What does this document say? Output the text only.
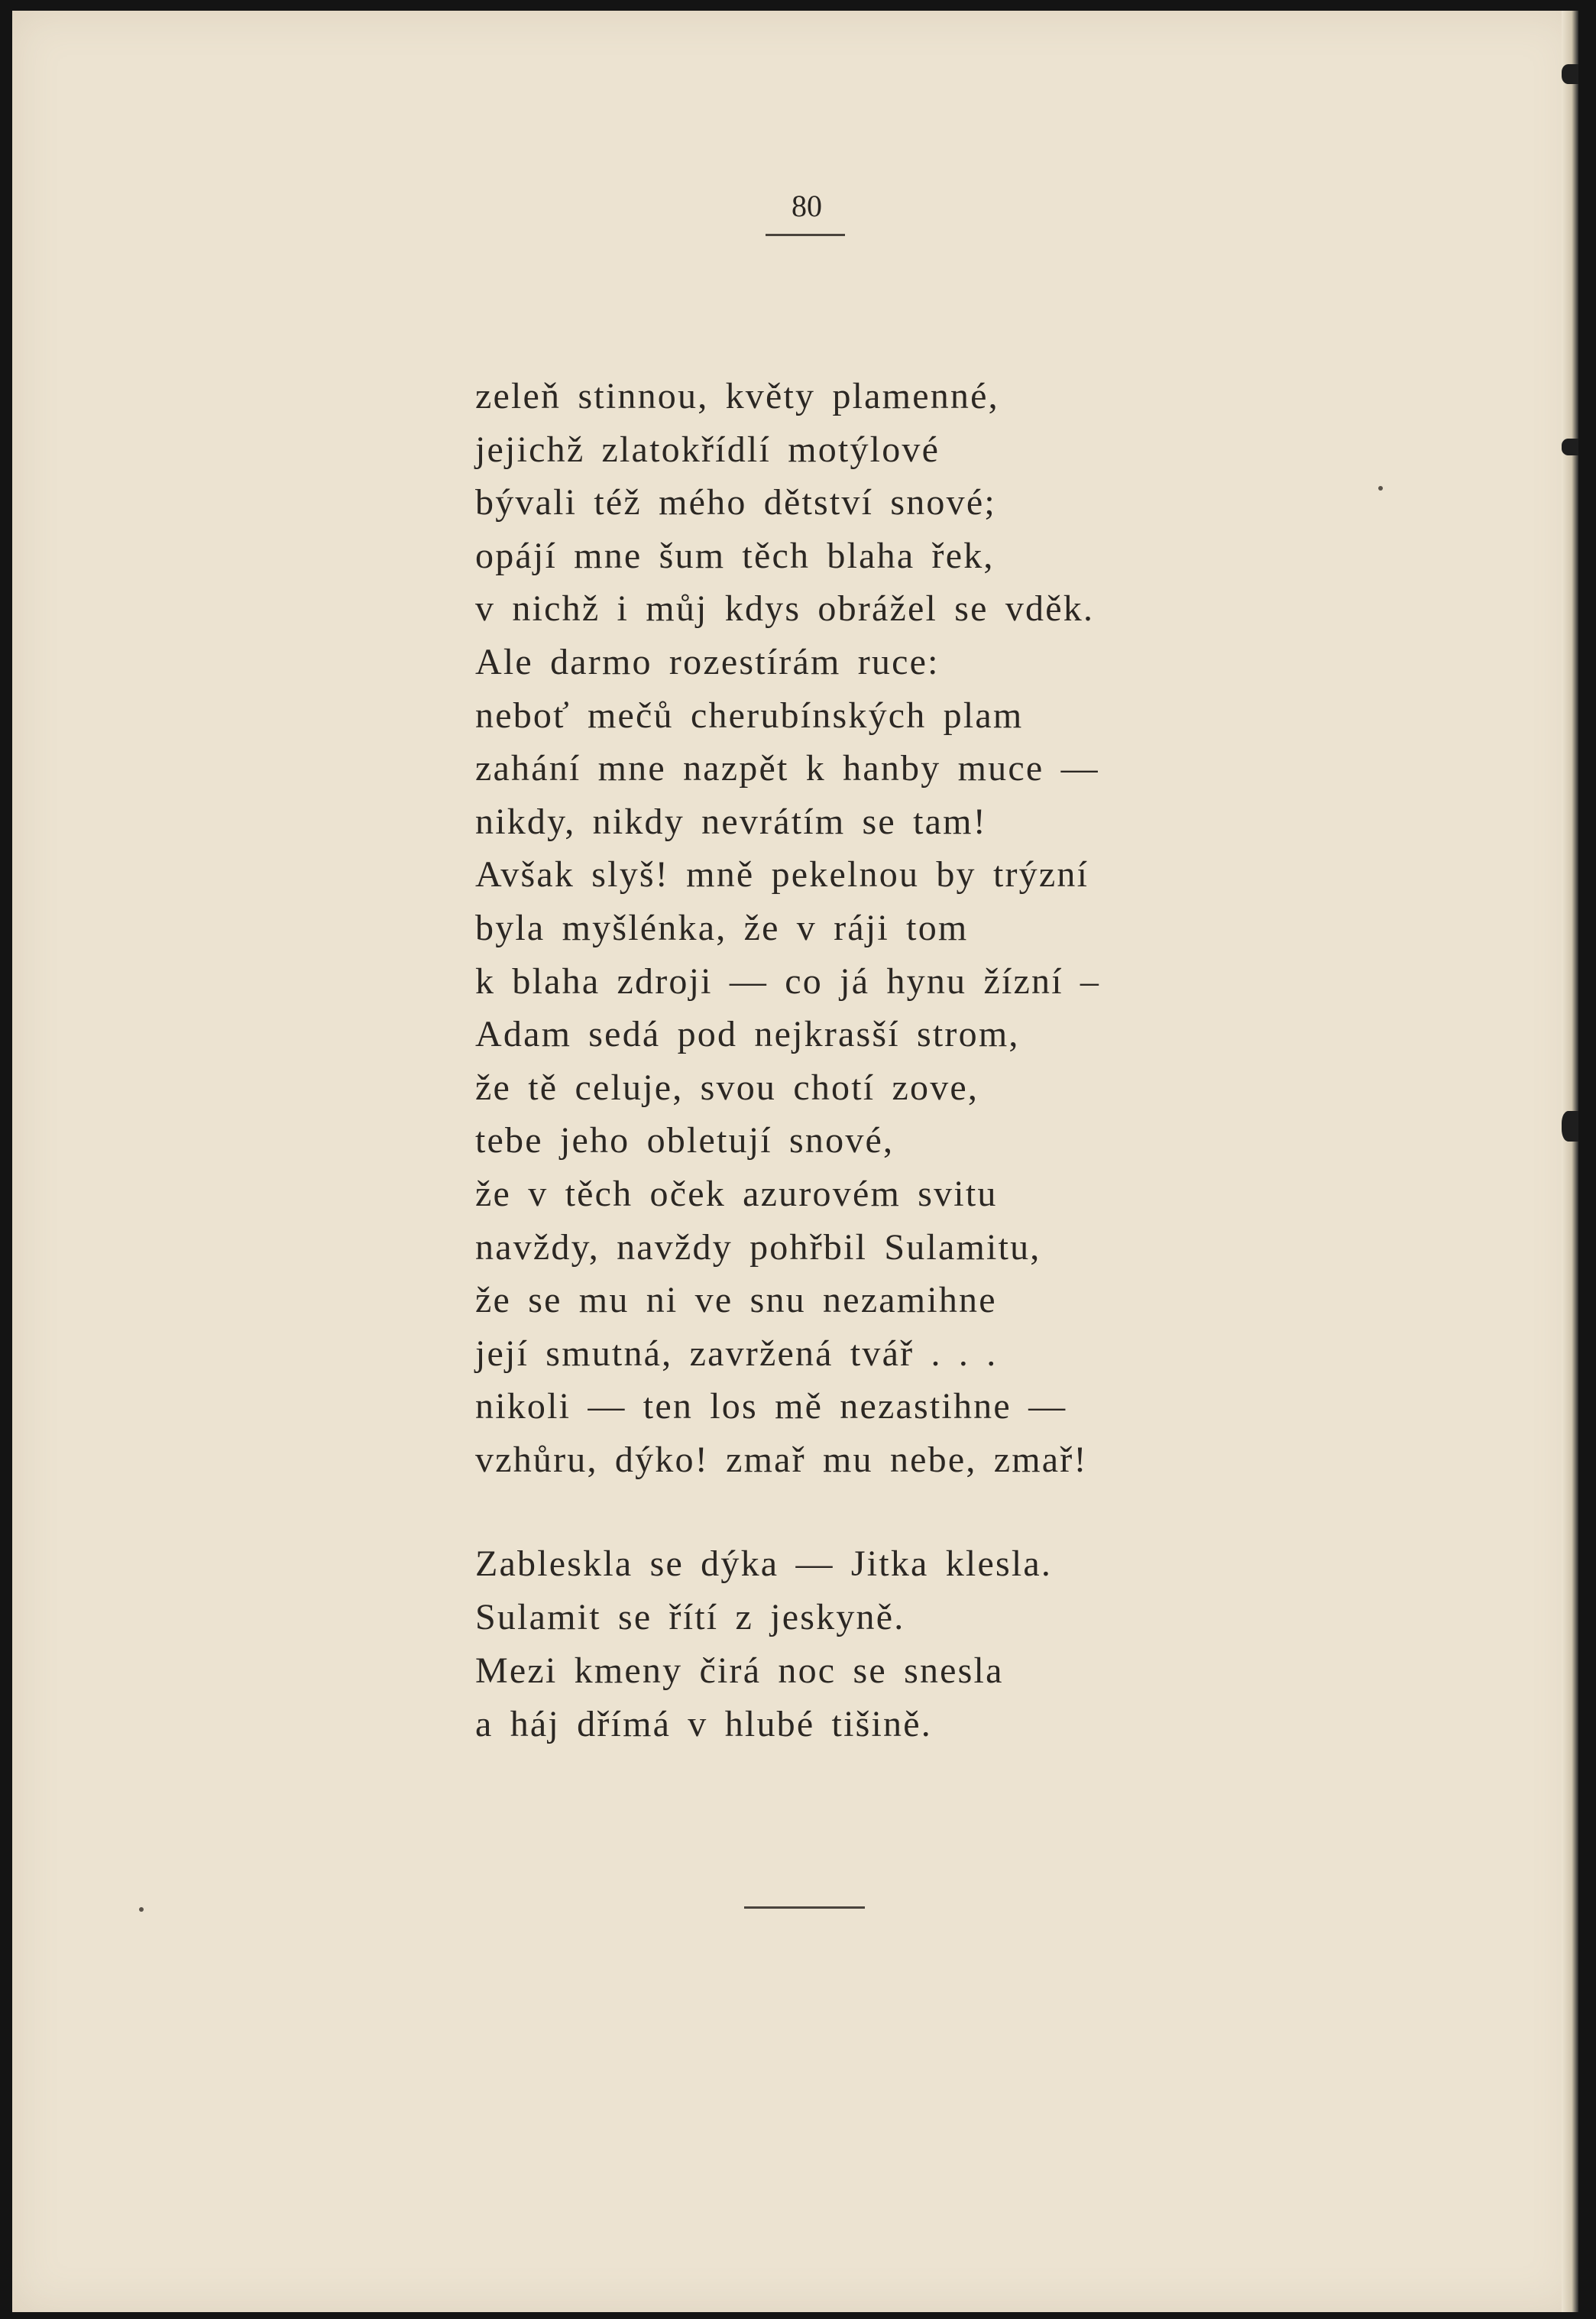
80
zeleň stinnou, květy plamenné,
jejichž zlatokřídlí motýlové
bývali též mého dětství snové;
opájí mne šum těch blaha řek,
v nichž i můj kdys obrážel se vděk.
Ale darmo rozestírám ruce:
neboť mečů cherubínských plam
zahání mne nazpět k hanby muce —
nikdy, nikdy nevrátím se tam!
Avšak slyš! mně pekelnou by trýzní
byla myšlénka, že v ráji tom
k blaha zdroji — co já hynu žízní –
Adam sedá pod nejkrasší strom,
že tě celuje, svou chotí zove,
tebe jeho obletují snové,
že v těch oček azurovém svitu
navždy, navždy pohřbil Sulamitu,
že se mu ni ve snu nezamihne
její smutná, zavržená tvář . . .
nikoli — ten los mě nezastihne —
vzhůru, dýko! zmař mu nebe, zmař!
Zableskla se dýka — Jitka klesla.
Sulamit se řítí z jeskyně.
Mezi kmeny čirá noc se snesla
a háj dřímá v hlubé tišině.
